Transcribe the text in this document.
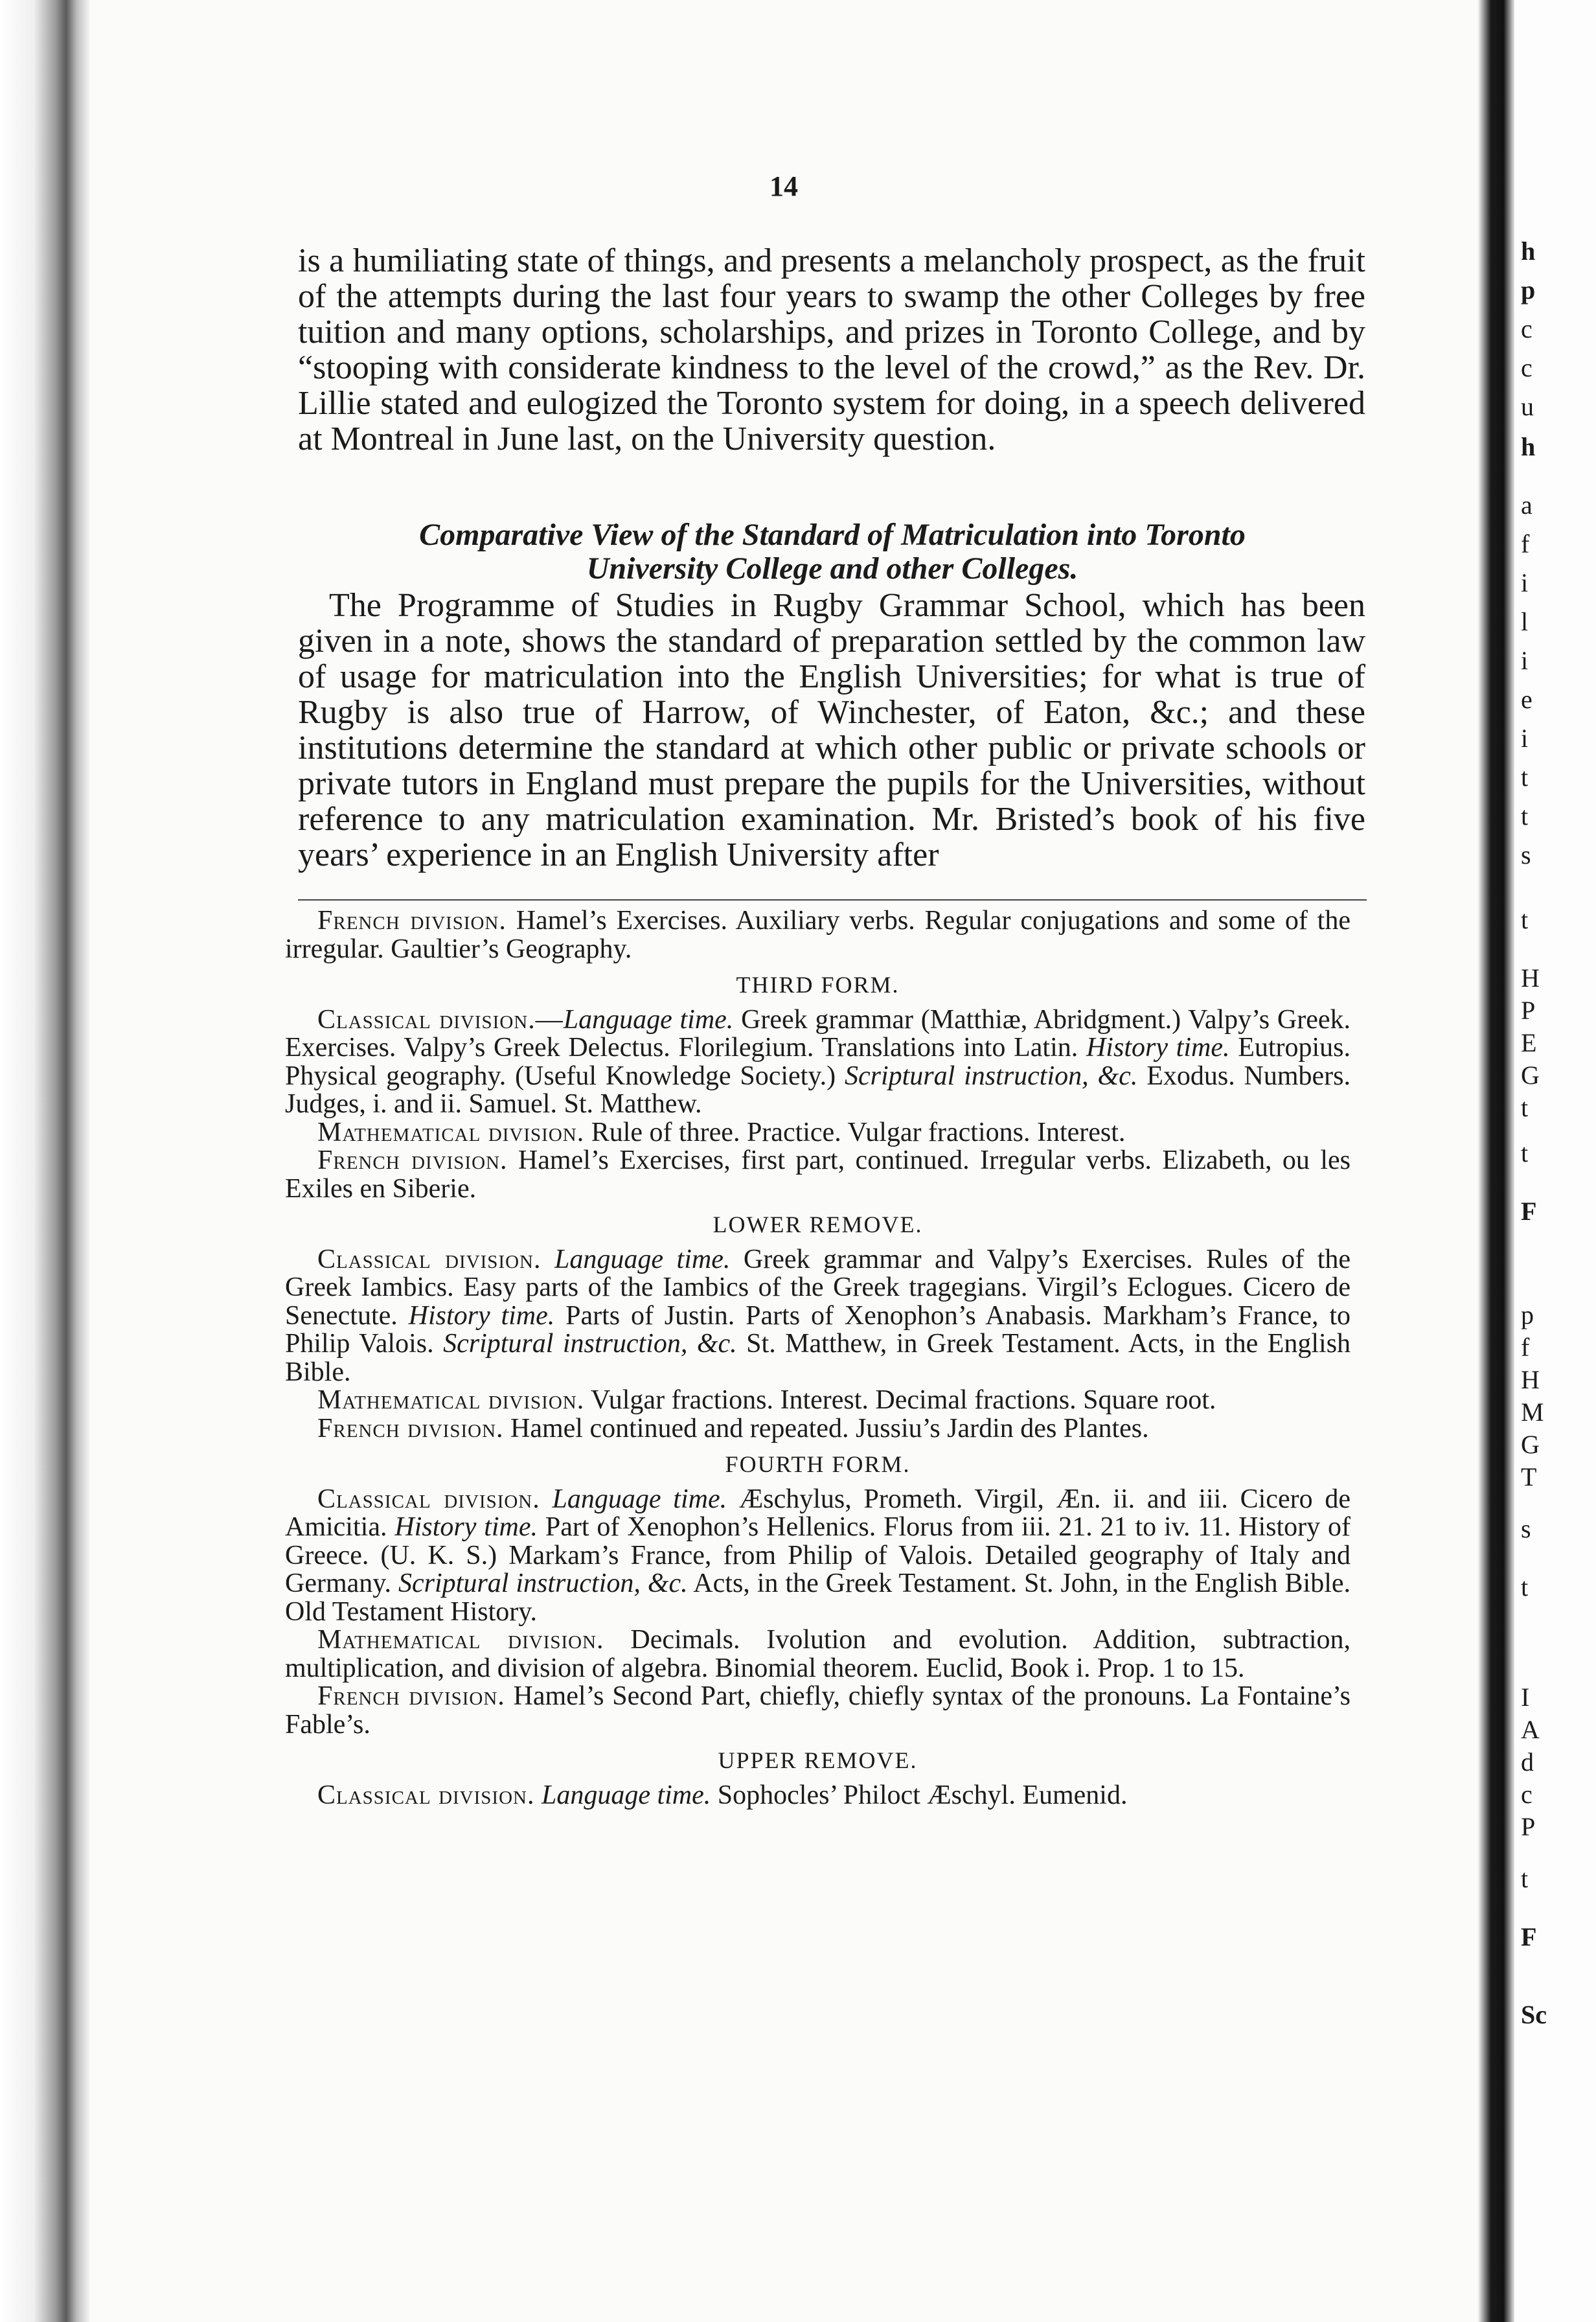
14

is a humiliating state of things, and presents a melancholy prospect, as the fruit of the attempts during the last four years to swamp the other Colleges by free tuition and many options, scholarships, and prizes in Toronto College, and by “stooping with considerate kindness to the level of the crowd,” as the Rev. Dr. Lillie stated and eulogized the Toronto system for doing, in a speech delivered at Montreal in June last, on the University question.

Comparative View of the Standard of Matriculation into Toronto
University College and other Colleges.

The Programme of Studies in Rugby Grammar School, which has been given in a note, shows the standard of preparation settled by the common law of usage for matriculation into the English Universities; for what is true of Rugby is also true of Harrow, of Winchester, of Eaton, &c.; and these institutions determine the standard at which other public or private schools or private tutors in England must prepare the pupils for the Universities, without reference to any matriculation examination. Mr. Bristed’s book of his five years’ experience in an English University after

French division. Hamel’s Exercises. Auxiliary verbs. Regular conjugations and some of the irregular. Gaultier’s Geography.

THIRD FORM.

Classical division.—Language time. Greek grammar (Matthiæ, Abridgment.) Valpy’s Greek. Exercises. Valpy’s Greek Delectus. Florilegium. Translations into Latin. History time. Eutropius. Physical geography. (Useful Knowledge Society.) Scriptural instruction, &c. Exodus. Numbers. Judges, i. and ii. Samuel. St. Matthew.

Mathematical division. Rule of three. Practice. Vulgar fractions. Interest.

French division. Hamel’s Exercises, first part, continued. Irregular verbs. Elizabeth, ou les Exiles en Siberie.

LOWER REMOVE.

Classical division. Language time. Greek grammar and Valpy’s Exercises. Rules of the Greek Iambics. Easy parts of the Iambics of the Greek tragegians. Virgil’s Eclogues. Cicero de Senectute. History time. Parts of Justin. Parts of Xenophon’s Anabasis. Markham’s France, to Philip Valois. Scriptural instruction, &c. St. Matthew, in Greek Testament. Acts, in the English Bible.

Mathematical division. Vulgar fractions. Interest. Decimal fractions. Square root.

French division. Hamel continued and repeated. Jussiu’s Jardin des Plantes.

FOURTH FORM.

Classical division. Language time. Æschylus, Prometh. Virgil, Æn. ii. and iii. Cicero de Amicitia. History time. Part of Xenophon’s Hellenics. Florus from iii. 21. 21 to iv. 11. History of Greece. (U. K. S.) Markam’s France, from Philip of Valois. Detailed geography of Italy and Germany. Scriptural instruction, &c. Acts, in the Greek Testament. St. John, in the English Bible. Old Testament History.

Mathematical division. Decimals. Ivolution and evolution. Addition, subtraction, multiplication, and division of algebra. Binomial theorem. Euclid, Book i. Prop. 1 to 15.

French division. Hamel’s Second Part, chiefly, chiefly syntax of the pronouns. La Fontaine’s Fable’s.

UPPER REMOVE.

Classical division. Language time. Sophocles’ Philoct Æschyl. Eumenid.

h
p
c
c
u
h
a
f
i
l
i
e
i
t
t
s
t
H
P
E
G
t
t
F
p
f
H
M
G
T
s
t
I
A
d
c
P
t
F
Sc
